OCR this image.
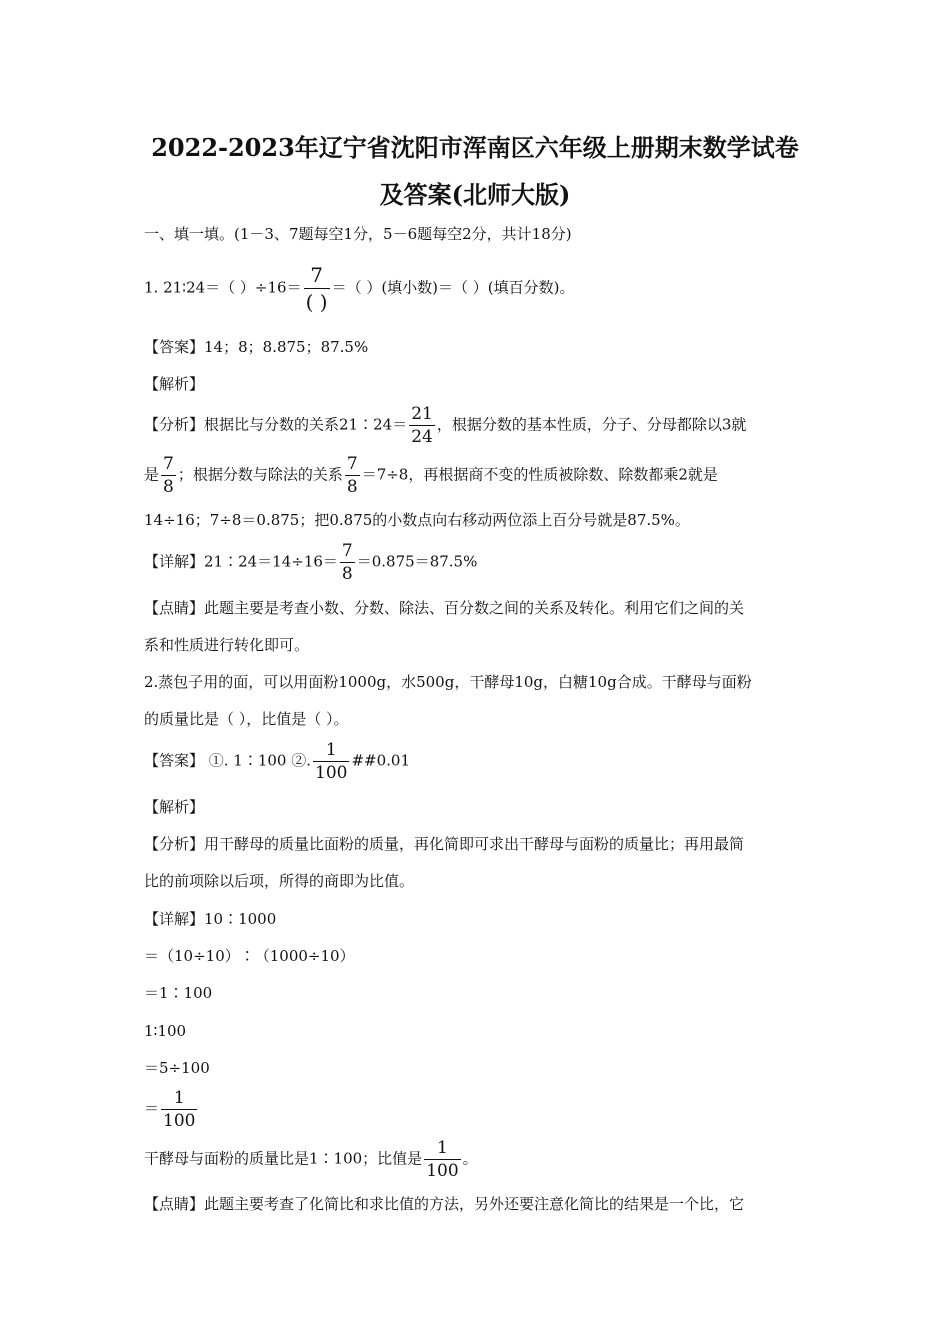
2022-2023年辽宁省沈阳市浑南区六年级上册期末数学试卷
及答案(北师大版)
一、填一填。(1－3、7题每空1分，5－6题每空2分，共计18分)
1. 21∶24＝（ ）$\div 16= \frac{7}{( )}$ ＝（ ）(填小数)＝（ ）(填百分数)。
【答案】14；8；8.875；87.5%
【解析】
【分析】根据比与分数的关系21∶24＝ $\frac{21}{24}$ ，根据分数的基本性质，分子、分母都除以3就
是 $\frac{7}{8}$ ；根据分数与除法的关系 $\frac{7}{8} =7\div 8$，再根据商不变的性质被除数、除数都乘2就是
14÷16；7÷8＝0.875；把0.875的小数点向右移动两位添上百分号就是87.5%。
【详解】21∶24＝14÷16＝ $\frac{7}{8} =0.875=87.5\%$
【点睛】此题主要是考查小数、分数、除法、百分数之间的关系及转化。利用它们之间的关
系和性质进行转化即可。
2.蒸包子用的面，可以用面粉1000g，水500g，干酵母10g，白糖10g合成。干酵母与面粉
的质量比是（ ），比值是（ ）。
【答案】 ①. 1∶100 ②. $\frac{1}{100}$ ##0.01
【解析】
【分析】用干酵母的质量比面粉的质量，再化简即可求出干酵母与面粉的质量比；再用最简
比的前项除以后项，所得的商即为比值。
【详解】10∶1000
＝（10÷10）∶（1000÷10）
＝1∶100
1∶100
＝5÷100
＝ $\frac{1}{100}$
干酵母与面粉的质量比是1∶100；比值是 $\frac{1}{100}$ 。
【点睛】此题主要考查了化简比和求比值的方法，另外还要注意化简比的结果是一个比，它
